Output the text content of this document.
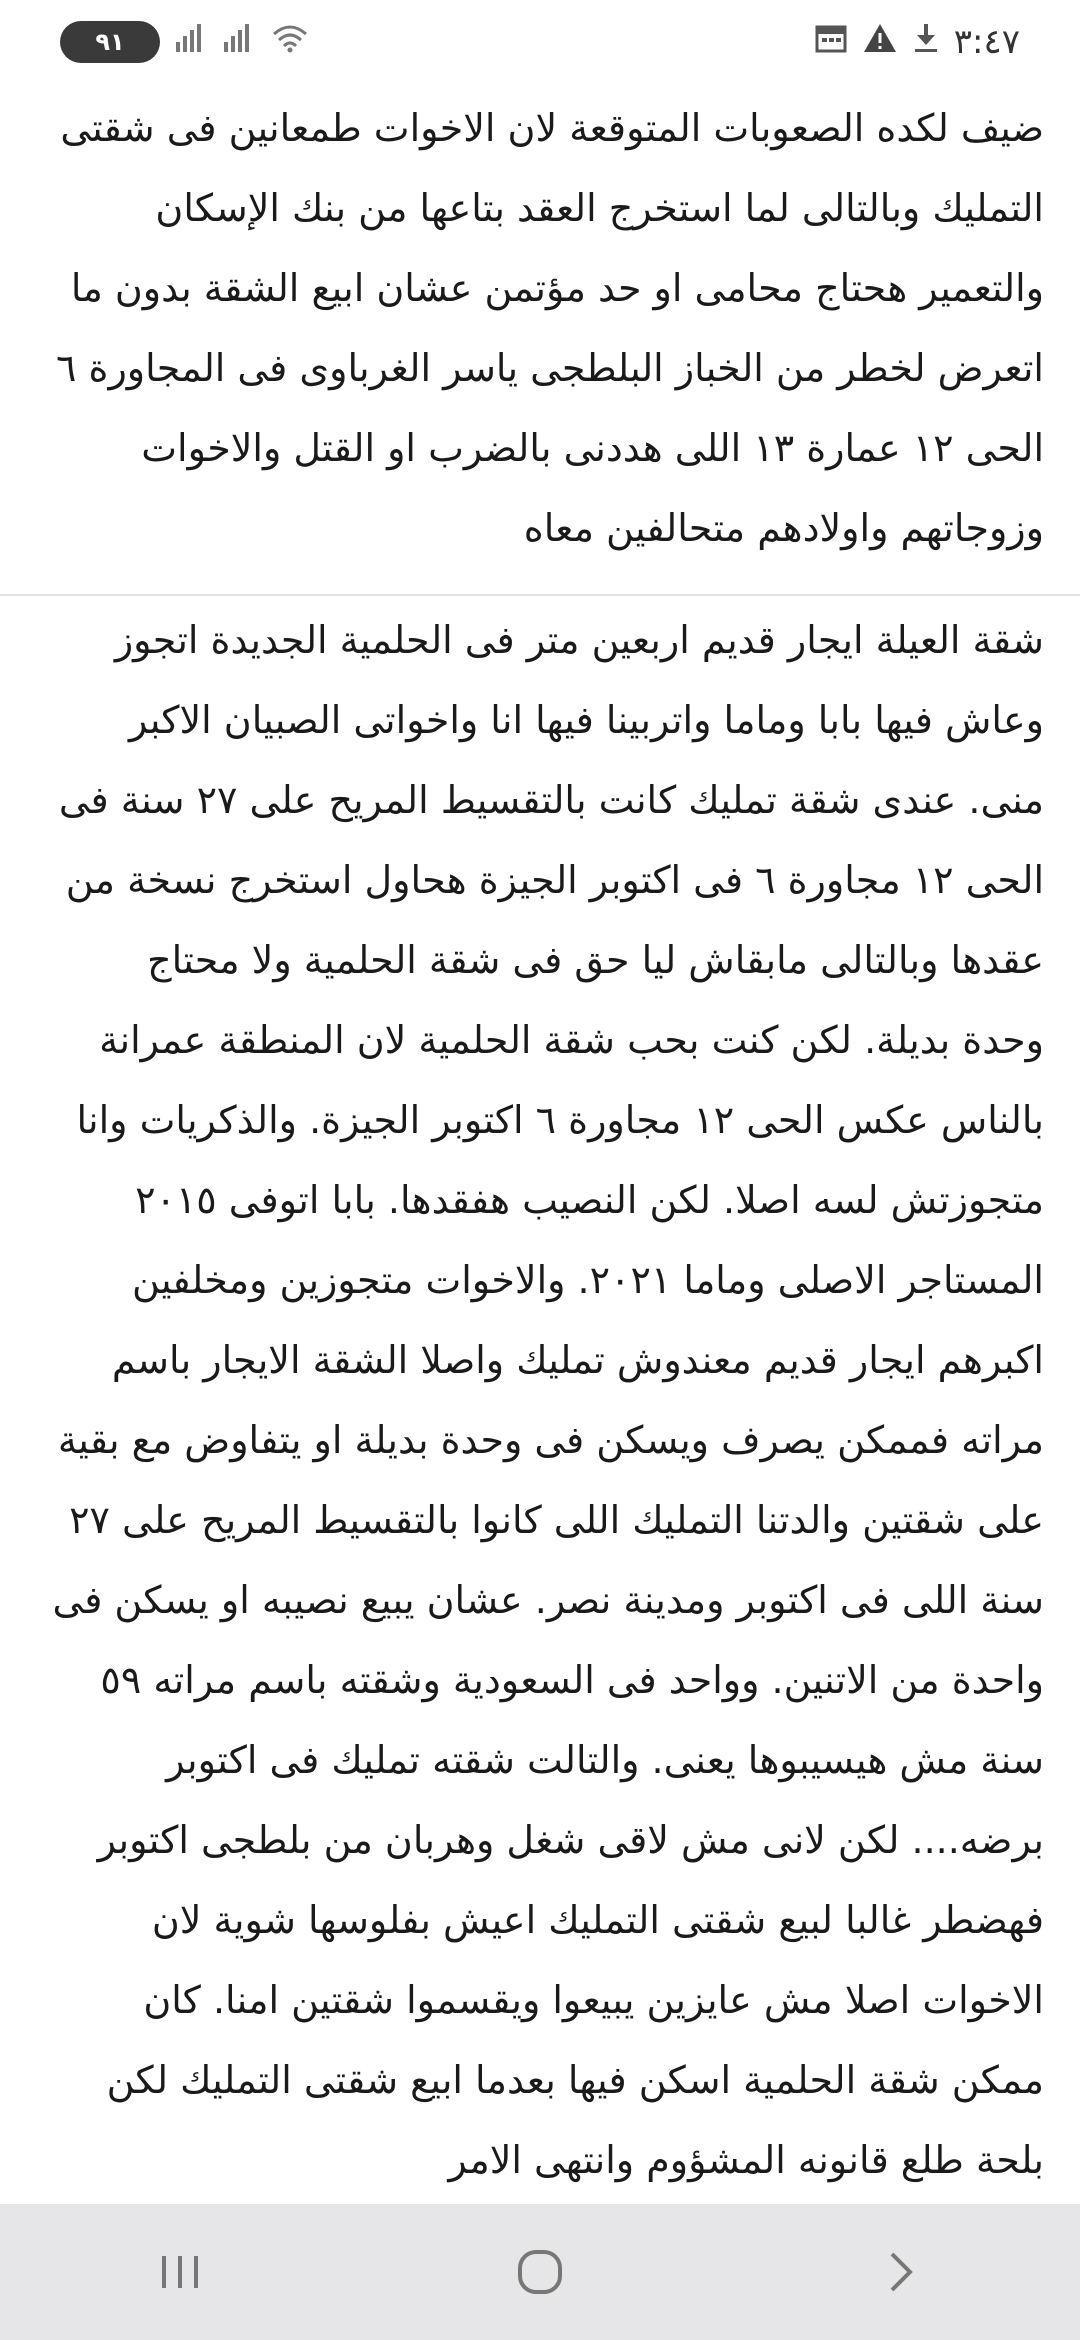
٩١	٣:٤٧
ضيف لكده الصعوبات المتوقعة لان الاخوات طمعانين فى شقتى
التمليك وبالتالى لما استخرج العقد بتاعها من بنك الإسكان
والتعمير هحتاج محامى او حد مؤتمن عشان ابيع الشقة بدون ما
اتعرض لخطر من الخباز البلطجى ياسر الغرباوى فى المجاورة ٦
الحى ١٢ عمارة ١٣ اللى هددنى بالضرب او القتل والاخوات
وزوجاتهم واولادهم متحالفين معاه
شقة العيلة ايجار قديم اربعين متر فى الحلمية الجديدة اتجوز
وعاش فيها بابا وماما واتربينا فيها انا واخواتى الصبيان الاكبر
منى. عندى شقة تمليك كانت بالتقسيط المريح على ٢٧ سنة فى
الحى ١٢ مجاورة ٦ فى اكتوبر الجيزة هحاول استخرج نسخة من
عقدها وبالتالى مابقاش ليا حق فى شقة الحلمية ولا محتاج
وحدة بديلة. لكن كنت بحب شقة الحلمية لان المنطقة عمرانة
بالناس عكس الحى ١٢ مجاورة ٦ اكتوبر الجيزة. والذكريات وانا
متجوزتش لسه اصلا. لكن النصيب هفقدها. بابا اتوفى ٢٠١٥
المستاجر الاصلى وماما ٢٠٢١. والاخوات متجوزين ومخلفين
اكبرهم ايجار قديم معندوش تمليك واصلا الشقة الايجار باسم
مراته فممكن يصرف ويسكن فى وحدة بديلة او يتفاوض مع بقية
على شقتين والدتنا التمليك اللى كانوا بالتقسيط المريح على ٢٧
سنة اللى فى اكتوبر ومدينة نصر. عشان يبيع نصيبه او يسكن فى
واحدة من الاتنين. وواحد فى السعودية وشقته باسم مراته ٥٩
سنة مش هيسيبوها يعنى. والتالت شقته تمليك فى اكتوبر
برضه.... لكن لانى مش لاقى شغل وهربان من بلطجى اكتوبر
فهضطر غالبا لبيع شقتى التمليك اعيش بفلوسها شوية لان
الاخوات اصلا مش عايزين يبيعوا ويقسموا شقتين امنا. كان
ممكن شقة الحلمية اسكن فيها بعدما ابيع شقتى التمليك لكن
بلحة طلع قانونه المشؤوم وانتهى الامر
